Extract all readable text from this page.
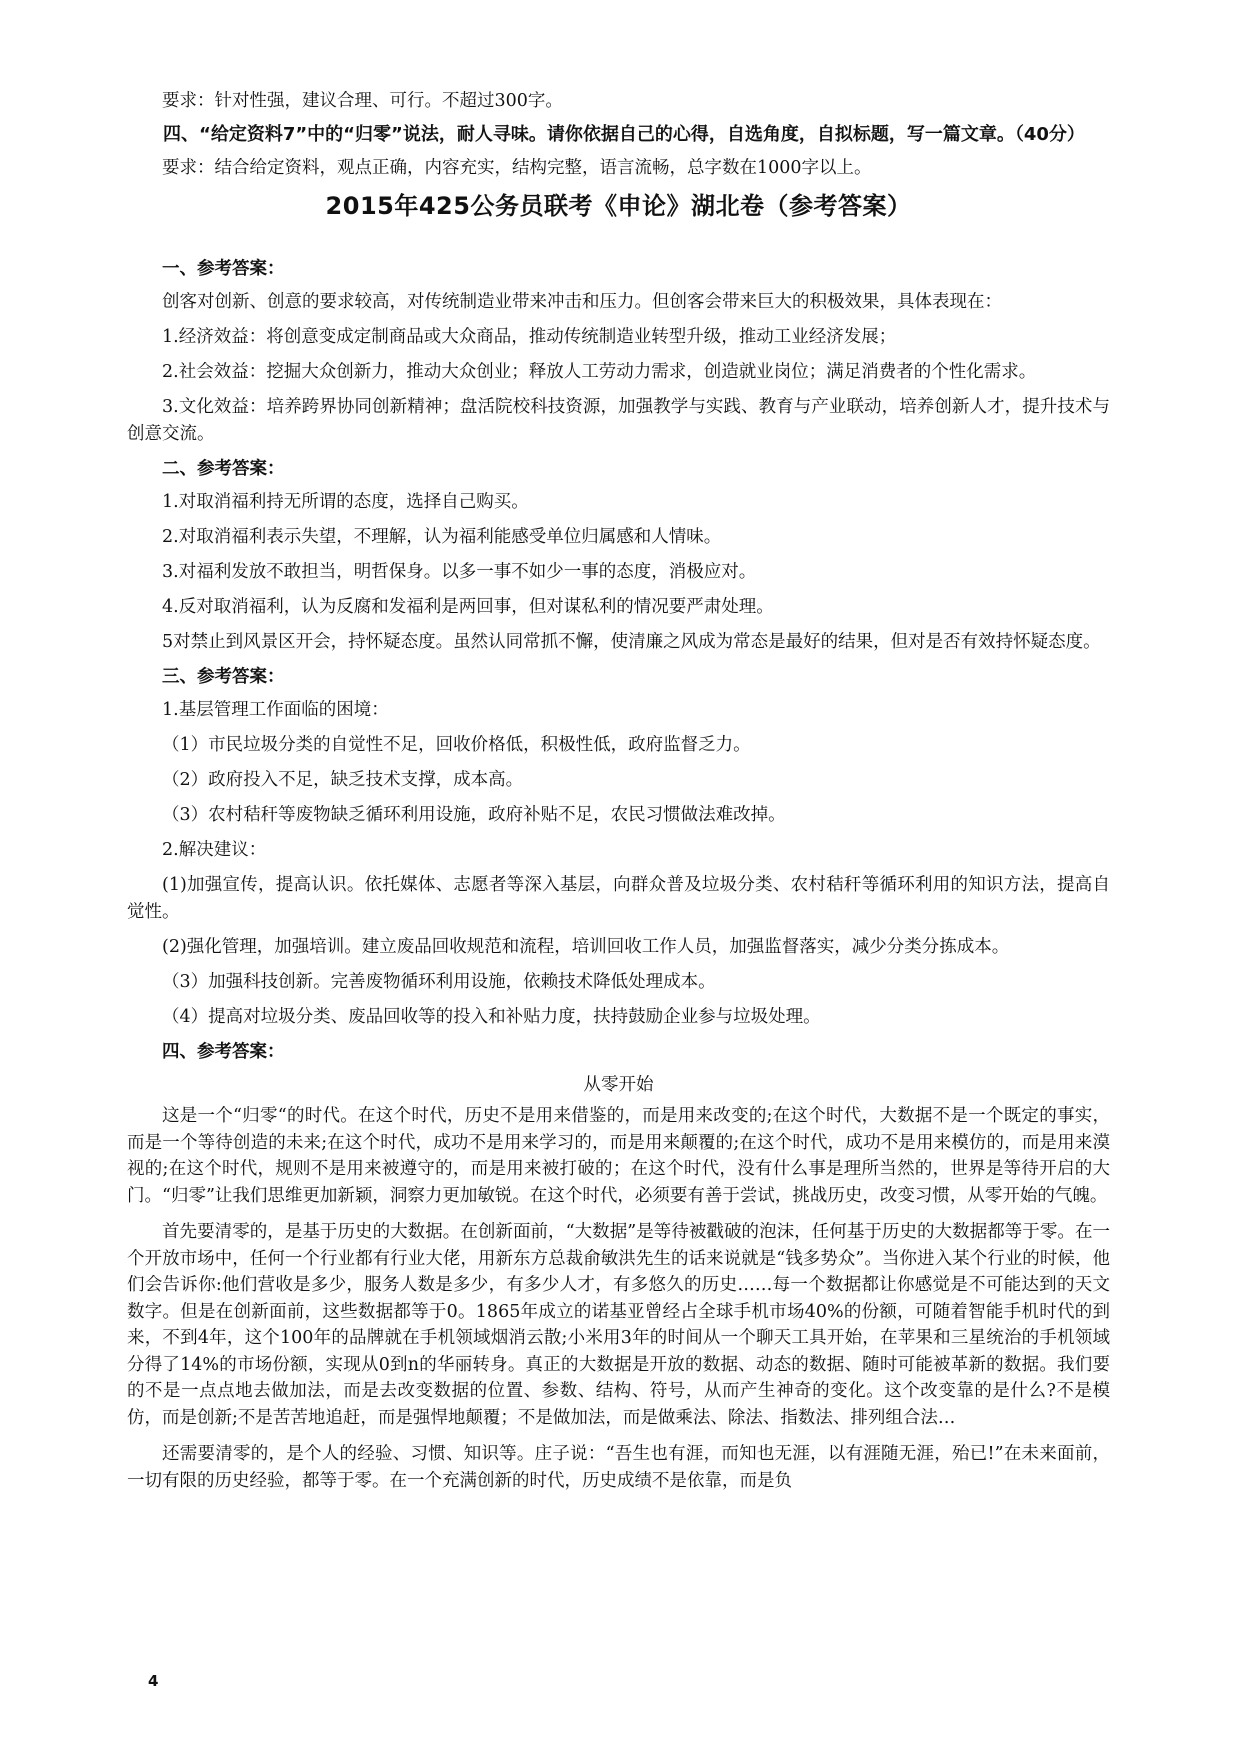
要求：针对性强，建议合理、可行。不超过300字。

四、“给定资料7”中的“归零”说法，耐人寻味。请你依据自己的心得，自选角度，自拟标题，写一篇文章。（40分）

要求：结合给定资料，观点正确，内容充实，结构完整，语言流畅，总字数在1000字以上。

2015年425公务员联考《申论》湖北卷（参考答案）

一、参考答案：

创客对创新、创意的要求较高，对传统制造业带来冲击和压力。但创客会带来巨大的积极效果，具体表现在：

1.经济效益：将创意变成定制商品或大众商品，推动传统制造业转型升级，推动工业经济发展；

2.社会效益：挖掘大众创新力，推动大众创业；释放人工劳动力需求，创造就业岗位；满足消费者的个性化需求。

3.文化效益：培养跨界协同创新精神；盘活院校科技资源，加强教学与实践、教育与产业联动，培养创新人才，提升技术与创意交流。

二、参考答案：

1.对取消福利持无所谓的态度，选择自己购买。

2.对取消福利表示失望，不理解，认为福利能感受单位归属感和人情味。

3.对福利发放不敢担当，明哲保身。以多一事不如少一事的态度，消极应对。

4.反对取消福利，认为反腐和发福利是两回事，但对谋私利的情况要严肃处理。

5对禁止到风景区开会，持怀疑态度。虽然认同常抓不懈，使清廉之风成为常态是最好的结果，但对是否有效持怀疑态度。

三、参考答案：

1.基层管理工作面临的困境：

（1）市民垃圾分类的自觉性不足，回收价格低，积极性低，政府监督乏力。

（2）政府投入不足，缺乏技术支撑，成本高。

（3）农村秸秆等废物缺乏循环利用设施，政府补贴不足，农民习惯做法难改掉。

2.解决建议：

(1)加强宣传，提高认识。依托媒体、志愿者等深入基层，向群众普及垃圾分类、农村秸秆等循环利用的知识方法，提高自觉性。

(2)强化管理，加强培训。建立废品回收规范和流程，培训回收工作人员，加强监督落实，减少分类分拣成本。

（3）加强科技创新。完善废物循环利用设施，依赖技术降低处理成本。

（4）提高对垃圾分类、废品回收等的投入和补贴力度，扶持鼓励企业参与垃圾处理。

四、参考答案：

从零开始

这是一个“归零“的时代。在这个时代，历史不是用来借鉴的，而是用来改变的;在这个时代，大数据不是一个既定的事实，而是一个等待创造的未来;在这个时代，成功不是用来学习的，而是用来颠覆的;在这个时代，成功不是用来模仿的，而是用来漠视的;在这个时代，规则不是用来被遵守的，而是用来被打破的；在这个时代，没有什么事是理所当然的，世界是等待开启的大门。“归零”让我们思维更加新颖，洞察力更加敏锐。在这个时代，必须要有善于尝试，挑战历史，改变习惯，从零开始的气魄。

首先要清零的，是基于历史的大数据。在创新面前，“大数据”是等待被戳破的泡沫，任何基于历史的大数据都等于零。在一个开放市场中，任何一个行业都有行业大佬，用新东方总裁俞敏洪先生的话来说就是“钱多势众”。当你进入某个行业的时候，他们会告诉你:他们营收是多少，服务人数是多少，有多少人才，有多悠久的历史……每一个数据都让你感觉是不可能达到的天文数字。但是在创新面前，这些数据都等于0。1865年成立的诺基亚曾经占全球手机市场40%的份额，可随着智能手机时代的到来，不到4年，这个100年的品牌就在手机领域烟消云散;小米用3年的时间从一个聊天工具开始，在苹果和三星统治的手机领域分得了14%的市场份额，实现从0到n的华丽转身。真正的大数据是开放的数据、动态的数据、随时可能被革新的数据。我们要的不是一点点地去做加法，而是去改变数据的位置、参数、结构、符号，从而产生神奇的变化。这个改变靠的是什么?不是模仿，而是创新;不是苦苦地追赶，而是强悍地颠覆；不是做加法，而是做乘法、除法、指数法、排列组合法…

还需要清零的，是个人的经验、习惯、知识等。庄子说：“吾生也有涯，而知也无涯，以有涯随无涯，殆已!”在未来面前，一切有限的历史经验，都等于零。在一个充满创新的时代，历史成绩不是依靠，而是负

4
